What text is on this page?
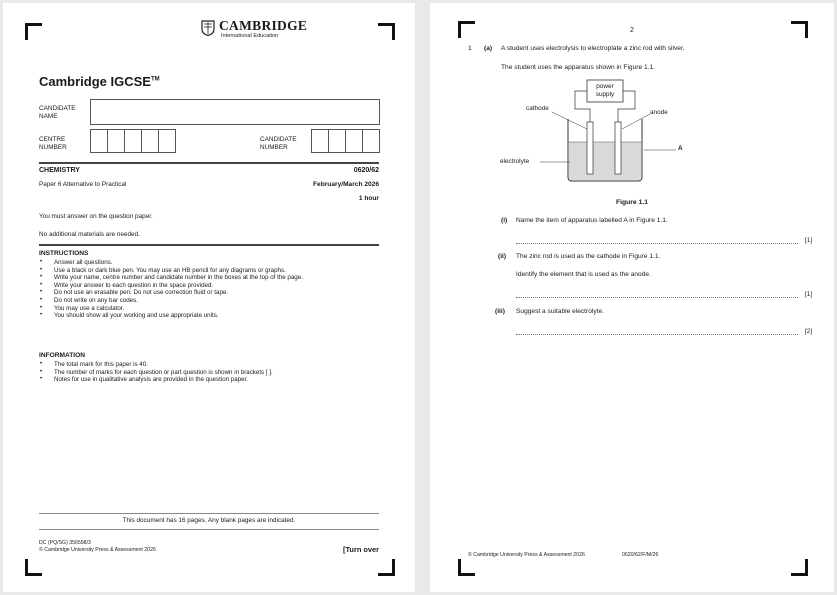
CAMBRIDGE
International Education
Cambridge IGCSE™
CANDIDATE
NAME
CENTRE
NUMBER
CANDIDATE
NUMBER
CHEMISTRY	0620/62
Paper 6 Alternative to Practical	February/March 2026
1 hour
You must answer on the question paper.
No additional materials are needed.
INSTRUCTIONS
• Answer all questions.
• Use a black or dark blue pen. You may use an HB pencil for any diagrams or graphs.
• Write your name, centre number and candidate number in the boxes at the top of the page.
• Write your answer to each question in the space provided.
• Do not use an erasable pen. Do not use correction fluid or tape.
• Do not write on any bar codes.
• You may use a calculator.
• You should show all your working and use appropriate units.
INFORMATION
• The total mark for this paper is 40.
• The number of marks for each question or part question is shown in brackets [ ].
• Notes for use in qualitative analysis are provided in the question paper.
This document has 16 pages. Any blank pages are indicated.
DC (PQ/SG) 356598/3
© Cambridge University Press & Assessment 2026	[Turn over
2
1 (a) A student uses electrolysis to electroplate a zinc rod with silver.
The student uses the apparatus shown in Figure 1.1.
power
supply
cathode
anode
A
electrolyte
Figure 1.1
(i) Name the item of apparatus labelled A in Figure 1.1.
[1]
(ii) The zinc rod is used as the cathode in Figure 1.1.
Identify the element that is used as the anode.
[1]
(iii) Suggest a suitable electrolyte.
[2]
© Cambridge University Press & Assessment 2026	0620/62/F/M/26
